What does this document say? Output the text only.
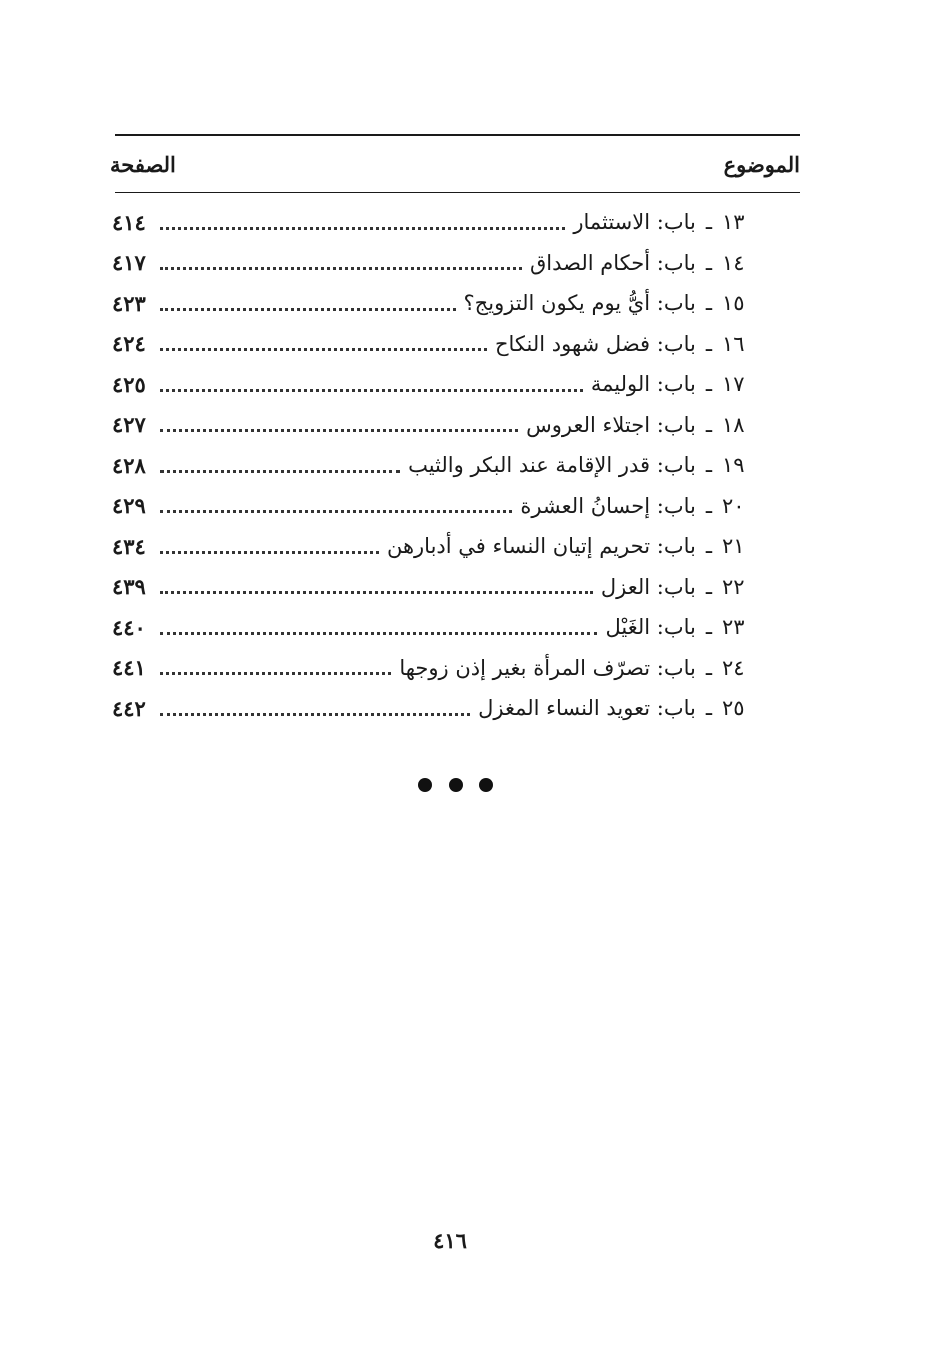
الموضوع
الصفحة
١٣
ـ
باب: الاستثمار
٤١٤
١٤
ـ
باب: أحكام الصداق
٤١٧
١٥
ـ
باب: أيُّ يوم يكون التزويج؟
٤٢٣
١٦
ـ
باب: فضل شهود النكاح
٤٢٤
١٧
ـ
باب: الوليمة
٤٢٥
١٨
ـ
باب: اجتلاء العروس
٤٢٧
١٩
ـ
باب: قدر الإقامة عند البكر والثيب
٤٢٨
٢٠
ـ
باب: إحسانُ العشرة
٤٢٩
٢١
ـ
باب: تحريم إتيان النساء في أدبارهن
٤٣٤
٢٢
ـ
باب: العزل
٤٣٩
٢٣
ـ
باب: الغَيْل
٤٤٠
٢٤
ـ
باب: تصرّف المرأة بغير إذن زوجها
٤٤١
٢٥
ـ
باب: تعويد النساء المغزل
٤٤٢
٤١٦
